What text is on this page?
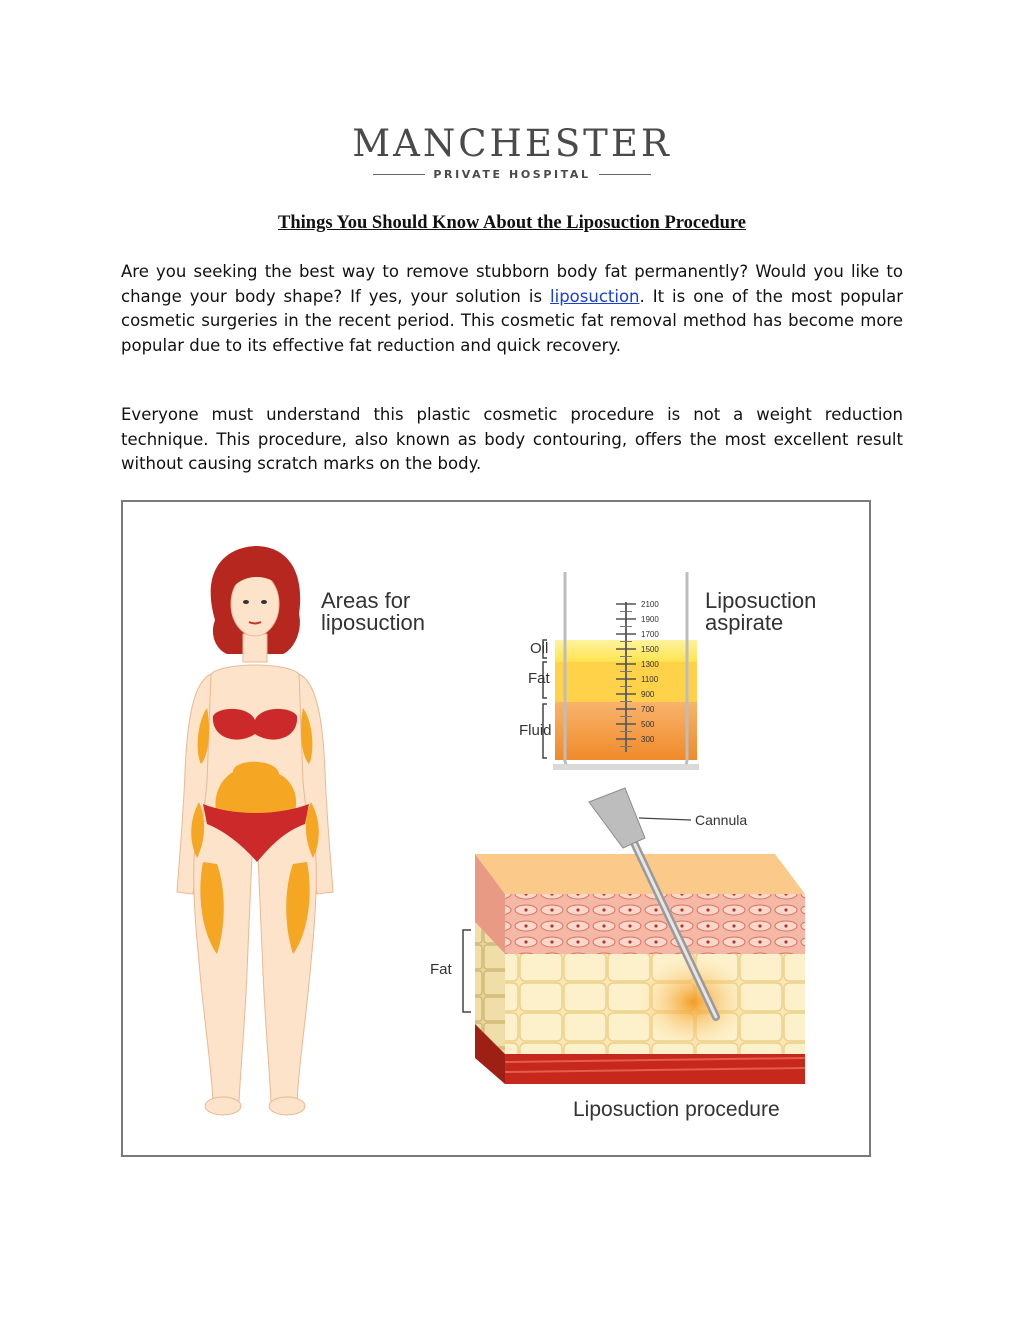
MANCHESTER
PRIVATE HOSPITAL
Things You Should Know About the Liposuction Procedure
Are you seeking the best way to remove stubborn body fat permanently? Would you like to change your body shape? If yes, your solution is liposuction. It is one of the most popular cosmetic surgeries in the recent period. This cosmetic fat removal method has become more popular due to its effective fat reduction and quick recovery.
Everyone must understand this plastic cosmetic procedure is not a weight reduction technique. This procedure, also known as body contouring, offers the most excellent result without causing scratch marks on the body.
Areas for
liposuction
2100
1900
1700
1500
1300
1100
900
700
500
300
Oil
Fat
Fluid
Liposuction
aspirate
Cannula
Fat
Liposuction procedure
